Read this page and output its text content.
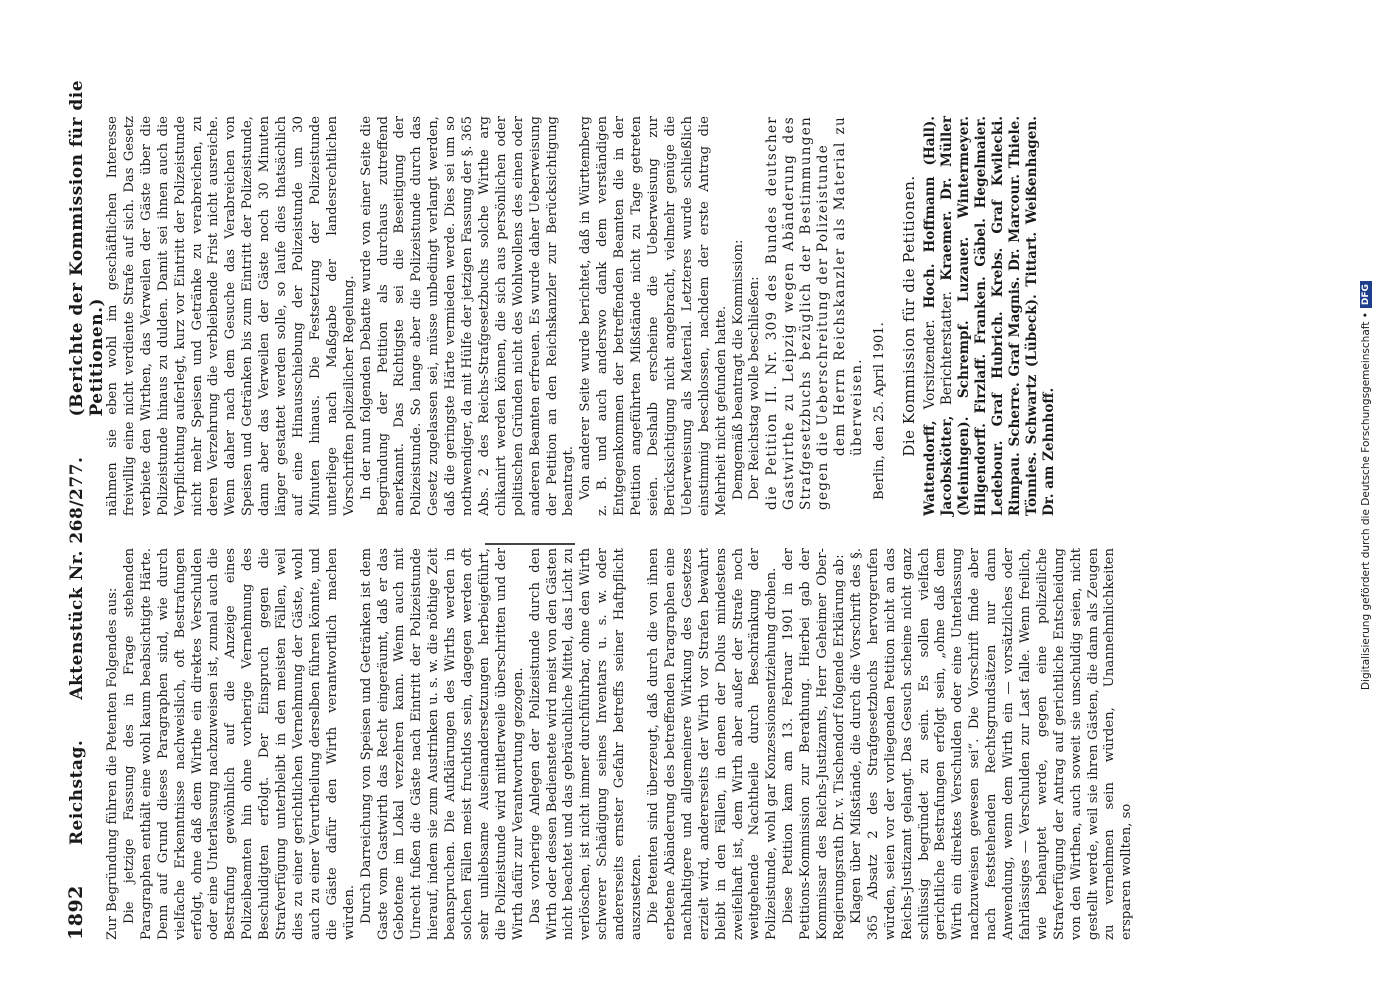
1892
Reichstag.
Aktenstück Nr. 268/277.
(Berichte der Kommission für die Petitionen.)

Zur Begründung führen die Petenten Folgendes aus: Die jetzige Fassung des in Frage stehenden Paragraphen enthält eine wohl kaum beabsichtigte Härte. Denn auf Grund dieses Paragraphen sind, wie durch vielfache Erkenntnisse nachweislich, oft Bestrafungen erfolgt, ohne daß dem Wirthe ein direktes Verschulden oder eine Unterlassung nachzuweisen ist, zumal auch die Bestrafung gewöhnlich auf die Anzeige eines Polizeibeamten hin ohne vorherige Vernehmung des Beschuldigten erfolgt. Der Einspruch gegen die Strafverfügung unterbleibt in den meisten Fällen, weil dies zu einer gerichtlichen Vernehmung der Gäste, wohl auch zu einer Verurtheilung derselben führen könnte, und die Gäste dafür den Wirth verantwortlich machen würden. Durch Darreichung von Speisen und Getränken ist dem Gaste vom Gastwirth das Recht eingeräumt, daß er das Gebotene im Lokal verzehren kann. Wenn auch mit Unrecht fußen die Gäste nach Eintritt der Polizeistunde hierauf, indem sie zum Austrinken u. s. w. die nöthige Zeit beanspruchen. Die Aufklärungen des Wirths werden in solchen Fällen meist fruchtlos sein, dagegen werden oft sehr unliebsame Auseinandersetzungen herbeigeführt, die Polizeistunde wird mittlerweile überschritten und der Wirth dafür zur Verantwortung gezogen. Das vorherige Anlegen der Polizeistunde durch den Wirth oder dessen Bedienstete wird meist von den Gästen nicht beachtet und das gebräuchliche Mittel, das Licht zu verlöschen, ist nicht immer durchführbar, ohne den Wirth schwerer Schädigung seines Inventars u. s. w. oder andererseits ernster Gefahr betreffs seiner Haftpflicht auszusetzen. Die Petenten sind überzeugt, daß durch die von ihnen erbetene Abänderung des betreffenden Paragraphen eine nachhaltigere und allgemeinere Wirkung des Gesetzes erzielt wird, andererseits der Wirth vor Strafen bewahrt bleibt in den Fällen, in denen der Dolus mindestens zweifelhaft ist, dem Wirth aber außer der Strafe noch weitgehende Nachtheile durch Beschränkung der Polizeistunde, wohl gar Konzessionsentziehung drohen. Diese Petition kam am 13. Februar 1901 in der Petitions-Kommission zur Berathung. Hierbei gab der Kommissar des Reichs-Justizamts, Herr Geheimer Ober-Regierungsrath Dr. v. Tischendorf folgende Erklärung ab: Klagen über Mißstände, die durch die Vorschrift des §. 365 Absatz 2 des Strafgesetzbuchs hervorgerufen würden, seien vor der vorliegenden Petition nicht an das Reichs-Justizamt gelangt. Das Gesuch scheine nicht ganz schlüssig begründet zu sein. Es sollen vielfach gerichtliche Bestrafungen erfolgt sein, „ohne daß dem Wirth ein direktes Verschulden oder eine Unterlassung nachzuweisen gewesen sei“. Die Vorschrift finde aber nach feststehenden Rechtsgrundsätzen nur dann Anwendung, wenn dem Wirth ein — vorsätzliches oder fahrlässiges — Verschulden zur Last falle. Wenn freilich, wie behauptet werde, gegen eine polizeiliche Strafverfügung der Antrag auf gerichtliche Entscheidung von den Wirthen, auch soweit sie unschuldig seien, nicht gestellt werde, weil sie ihren Gästen, die dann als Zeugen zu vernehmen sein würden, Unannehmlichkeiten ersparen wollten, so

nähmen sie eben wohl im geschäftlichen Interesse freiwillig eine nicht verdiente Strafe auf sich. Das Gesetz verbiete den Wirthen, das Verweilen der Gäste über die Polizeistunde hinaus zu dulden. Damit sei ihnen auch die Verpflichtung auferlegt, kurz vor Eintritt der Polizeistunde nicht mehr Speisen und Getränke zu verabreichen, zu deren Verzehrung die verbleibende Frist nicht ausreiche. Wenn daher nach dem Gesuche das Verabreichen von Speisen und Getränken bis zum Eintritt der Polizeistunde, dann aber das Verweilen der Gäste noch 30 Minuten länger gestattet werden solle, so laufe dies thatsächlich auf eine Hinausschiebung der Polizeistunde um 30 Minuten hinaus. Die Festsetzung der Polizeistunde unterliege nach Maßgabe der landesrechtlichen Vorschriften polizeilicher Regelung. In der nun folgenden Debatte wurde von einer Seite die Begründung der Petition als durchaus zutreffend anerkannt. Das Richtigste sei die Beseitigung der Polizeistunde. So lange aber die Polizeistunde durch das Gesetz zugelassen sei, müsse unbedingt verlangt werden, daß die geringste Härte vermieden werde. Dies sei um so nothwendiger, da mit Hülfe der jetzigen Fassung der §. 365 Abs. 2 des Reichs-Strafgesetzbuchs solche Wirthe arg chikanirt werden können, die sich aus persönlichen oder politischen Gründen nicht des Wohlwollens des einen oder anderen Beamten erfreuen. Es wurde daher Ueberweisung der Petition an den Reichskanzler zur Berücksichtigung beantragt. Von anderer Seite wurde berichtet, daß in Württemberg z. B. und auch anderswo dank dem verständigen Entgegenkommen der betreffenden Beamten die in der Petition angeführten Mißstände nicht zu Tage getreten seien. Deshalb erscheine die Ueberweisung zur Berücksichtigung nicht angebracht, vielmehr genüge die Ueberweisung als Material. Letzteres wurde schließlich einstimmig beschlossen, nachdem der erste Antrag die Mehrheit nicht gefunden hatte. Demgemäß beantragt die Kommission: Der Reichstag wolle beschließen: die Petition II. Nr. 309 des Bundes deutscher Gastwirthe zu Leipzig wegen Abänderung des Strafgesetzbuchs bezüglich der Bestimmungen gegen die Ueberschreitung der Polizeistunde dem Herrn Reichskanzler als Material zu überweisen. Berlin, den 25. April 1901. Die Kommission für die Petitionen.

Wattendorff, Vorsitzender. Hoch. Hoffmann (Hall). Jacobskötter, Berichterstatter. Kraemer. Dr. Müller (Meiningen). Schrempf. Luzauer. Wintermeyer. Hilgendorff. Firzlaff. Franken. Gäbel. Hegelmaier. Ledebour. Graf Hubrich. Krebs. Graf Kwilecki. Rimpau. Scherre. Graf Magnis. Dr. Marcour. Thiele. Tönnies. Schwartz (Lübeck). Tittart. Weißenhagen. Dr. am Zehnhoff.	Digitalisierung gefördert durch die Deutsche Forschungsgemeinschaft •
DFG
